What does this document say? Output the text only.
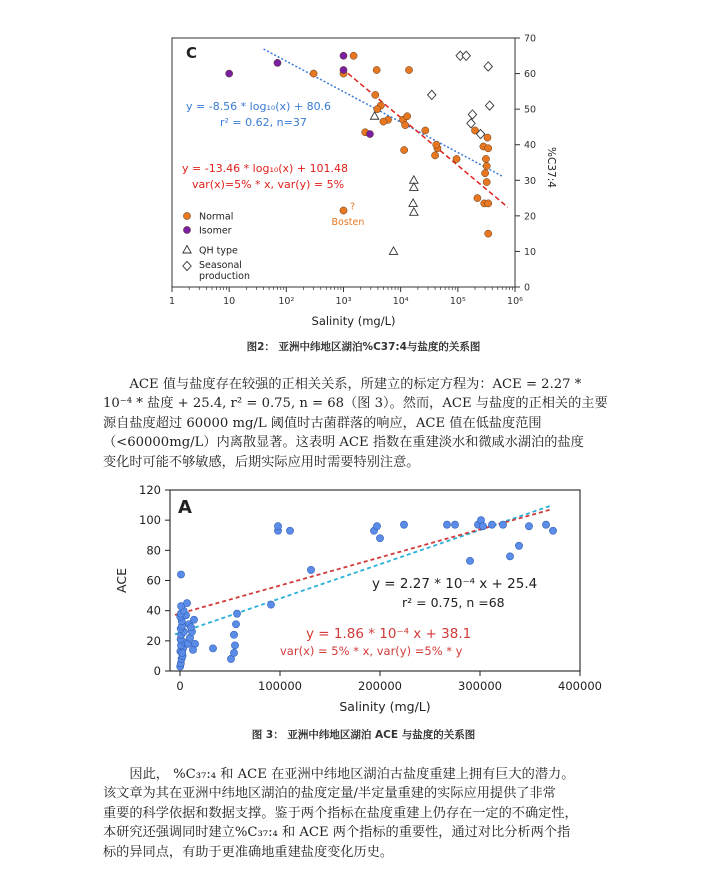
1	10	10²	10³	10⁴	10⁵	10⁶
0
10
20
30
40
50
60
70
Salinity (mg/L)
%C37:4
C
y = -8.56 * log₁₀(x) + 80.6
r² = 0.62, n=37
y = -13.46 * log₁₀(x) + 101.48
var(x)=5% * x, var(y) = 5%
?
Bosten
Normal
Isomer
QH type
Seasonal
production
图2： 亚洲中纬地区湖泊%C37:4与盐度的关系图
ACE 值与盐度存在较强的正相关关系，所建立的标定方程为：ACE = 2.27 *
10⁻⁴ * 盐度 + 25.4, r² = 0.75, n = 68（图 3）。然而，ACE 与盐度的正相关的主要
源自盐度超过 60000 mg/L 阈值时古菌群落的响应，ACE 值在低盐度范围
（<60000mg/L）内离散显著。这表明 ACE 指数在重建淡水和微咸水湖泊的盐度
变化时可能不够敏感，后期实际应用时需要特别注意。
0	100000	200000	300000	400000
0
20
40
60
80
100
120
Salinity (mg/L)
ACE
A
y = 2.27 * 10⁻⁴ x + 25.4
r² = 0.75, n =68
y = 1.86 * 10⁻⁴ x + 38.1
var(x) = 5% * x, var(y) =5% * y
图 3： 亚洲中纬地区湖泊 ACE 与盐度的关系图
因此， %C₃₇:₄ 和 ACE 在亚洲中纬地区湖泊古盐度重建上拥有巨大的潜力。
该文章为其在亚洲中纬地区湖泊的盐度定量/半定量重建的实际应用提供了非常
重要的科学依据和数据支撑。鉴于两个指标在盐度重建上仍存在一定的不确定性，
本研究还强调同时建立%C₃₇:₄ 和 ACE 两个指标的重要性，通过对比分析两个指
标的异同点，有助于更准确地重建盐度变化历史。
